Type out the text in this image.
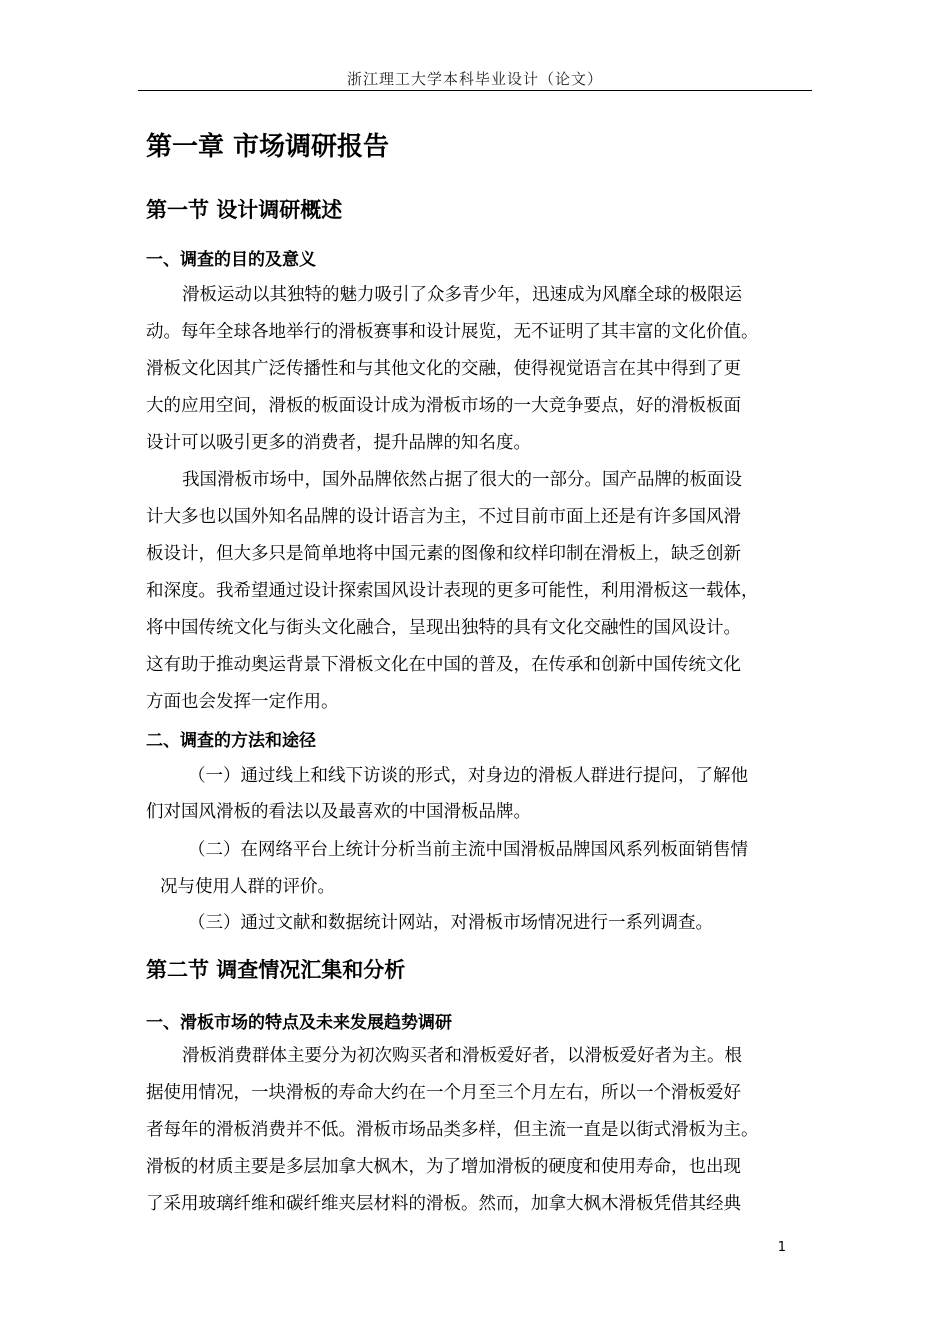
浙江理工大学本科毕业设计（论文）
第一章 市场调研报告
第一节 设计调研概述
一、调查的目的及意义
滑板运动以其独特的魅力吸引了众多青少年，迅速成为风靡全球的极限运
动。每年全球各地举行的滑板赛事和设计展览，无不证明了其丰富的文化价值。
滑板文化因其广泛传播性和与其他文化的交融，使得视觉语言在其中得到了更
大的应用空间，滑板的板面设计成为滑板市场的一大竞争要点，好的滑板板面
设计可以吸引更多的消费者，提升品牌的知名度。
我国滑板市场中，国外品牌依然占据了很大的一部分。国产品牌的板面设
计大多也以国外知名品牌的设计语言为主，不过目前市面上还是有许多国风滑
板设计，但大多只是简单地将中国元素的图像和纹样印制在滑板上，缺乏创新
和深度。我希望通过设计探索国风设计表现的更多可能性，利用滑板这一载体，
将中国传统文化与街头文化融合，呈现出独特的具有文化交融性的国风设计。
这有助于推动奥运背景下滑板文化在中国的普及，在传承和创新中国传统文化
方面也会发挥一定作用。
二、调查的方法和途径
（一）通过线上和线下访谈的形式，对身边的滑板人群进行提问，了解他
们对国风滑板的看法以及最喜欢的中国滑板品牌。
（二）在网络平台上统计分析当前主流中国滑板品牌国风系列板面销售情
况与使用人群的评价。
（三）通过文献和数据统计网站，对滑板市场情况进行一系列调查。
第二节 调查情况汇集和分析
一、滑板市场的特点及未来发展趋势调研
滑板消费群体主要分为初次购买者和滑板爱好者，以滑板爱好者为主。根
据使用情况，一块滑板的寿命大约在一个月至三个月左右，所以一个滑板爱好
者每年的滑板消费并不低。滑板市场品类多样，但主流一直是以街式滑板为主。
滑板的材质主要是多层加拿大枫木，为了增加滑板的硬度和使用寿命，也出现
了采用玻璃纤维和碳纤维夹层材料的滑板。然而，加拿大枫木滑板凭借其经典
1
